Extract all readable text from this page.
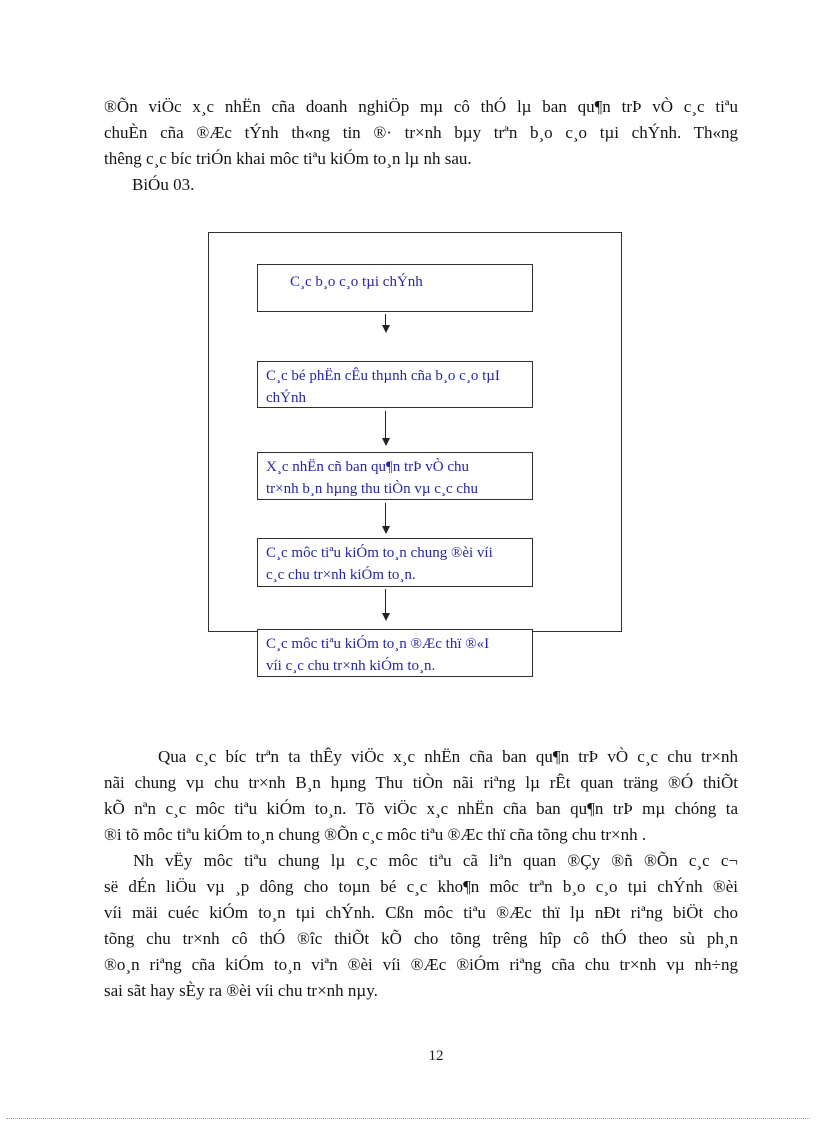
®Õn viÖc x¸c nhËn cña doanh nghiÖp mµ cô thÓ lµ ban qu¶n trÞ vÒ c¸c tiªu
chuÈn cña ®Æc tÝnh th«ng tin ®· tr×nh bµy trªn b¸o c¸o tµi chÝnh. Th«ng
thêng c¸c bíc triÓn khai môc tiªu kiÓm to¸n lµ nh sau.
BiÓu 03.
C¸c b¸o c¸o tµi chÝnh
C¸c bé phËn cÊu thµnh cña b¸o c¸o tµI
chÝnh
X¸c nhËn cñ ban qu¶n trÞ vÒ chu
tr×nh b¸n hµng thu tiÒn vµ c¸c chu
C¸c môc tiªu kiÓm to¸n chung ®èi víi
c¸c chu tr×nh kiÓm to¸n.
C¸c môc tiªu kiÓm to¸n ®Æc thï ®«I
víi c¸c chu tr×nh kiÓm to¸n.
Qua c¸c bíc trªn ta thÊy viÖc x¸c nhËn cña ban qu¶n trÞ vÒ c¸c chu tr×nh
nãi chung vµ chu tr×nh B¸n hµng Thu tiÒn nãi riªng lµ rÊt quan träng ®Ó thiÕt
kÕ nªn c¸c môc tiªu kiÓm to¸n. Tõ viÖc x¸c nhËn cña ban qu¶n trÞ mµ chóng ta
®i tõ môc tiªu kiÓm to¸n chung ®Õn c¸c môc tiªu ®Æc thï cña tõng chu tr×nh .
Nh vËy môc tiªu chung lµ c¸c môc tiªu cã liªn quan ®Çy ®ñ ®Õn c¸c c¬
së dÉn liÖu vµ ¸p dông cho toµn bé c¸c kho¶n môc trªn b¸o c¸o tµi chÝnh ®èi
víi mäi cuéc kiÓm to¸n tµi chÝnh. Cßn môc tiªu ®Æc thï lµ nÐt riªng biÖt cho
tõng chu tr×nh cô thÓ ®îc thiÕt kÕ cho tõng trêng hîp cô thÓ theo sù ph¸n
®o¸n riªng cña kiÓm to¸n viªn ®èi víi ®Æc ®iÓm riªng cña chu tr×nh vµ nh÷ng
sai sãt hay sÈy ra ®èi víi chu tr×nh nµy.
12
